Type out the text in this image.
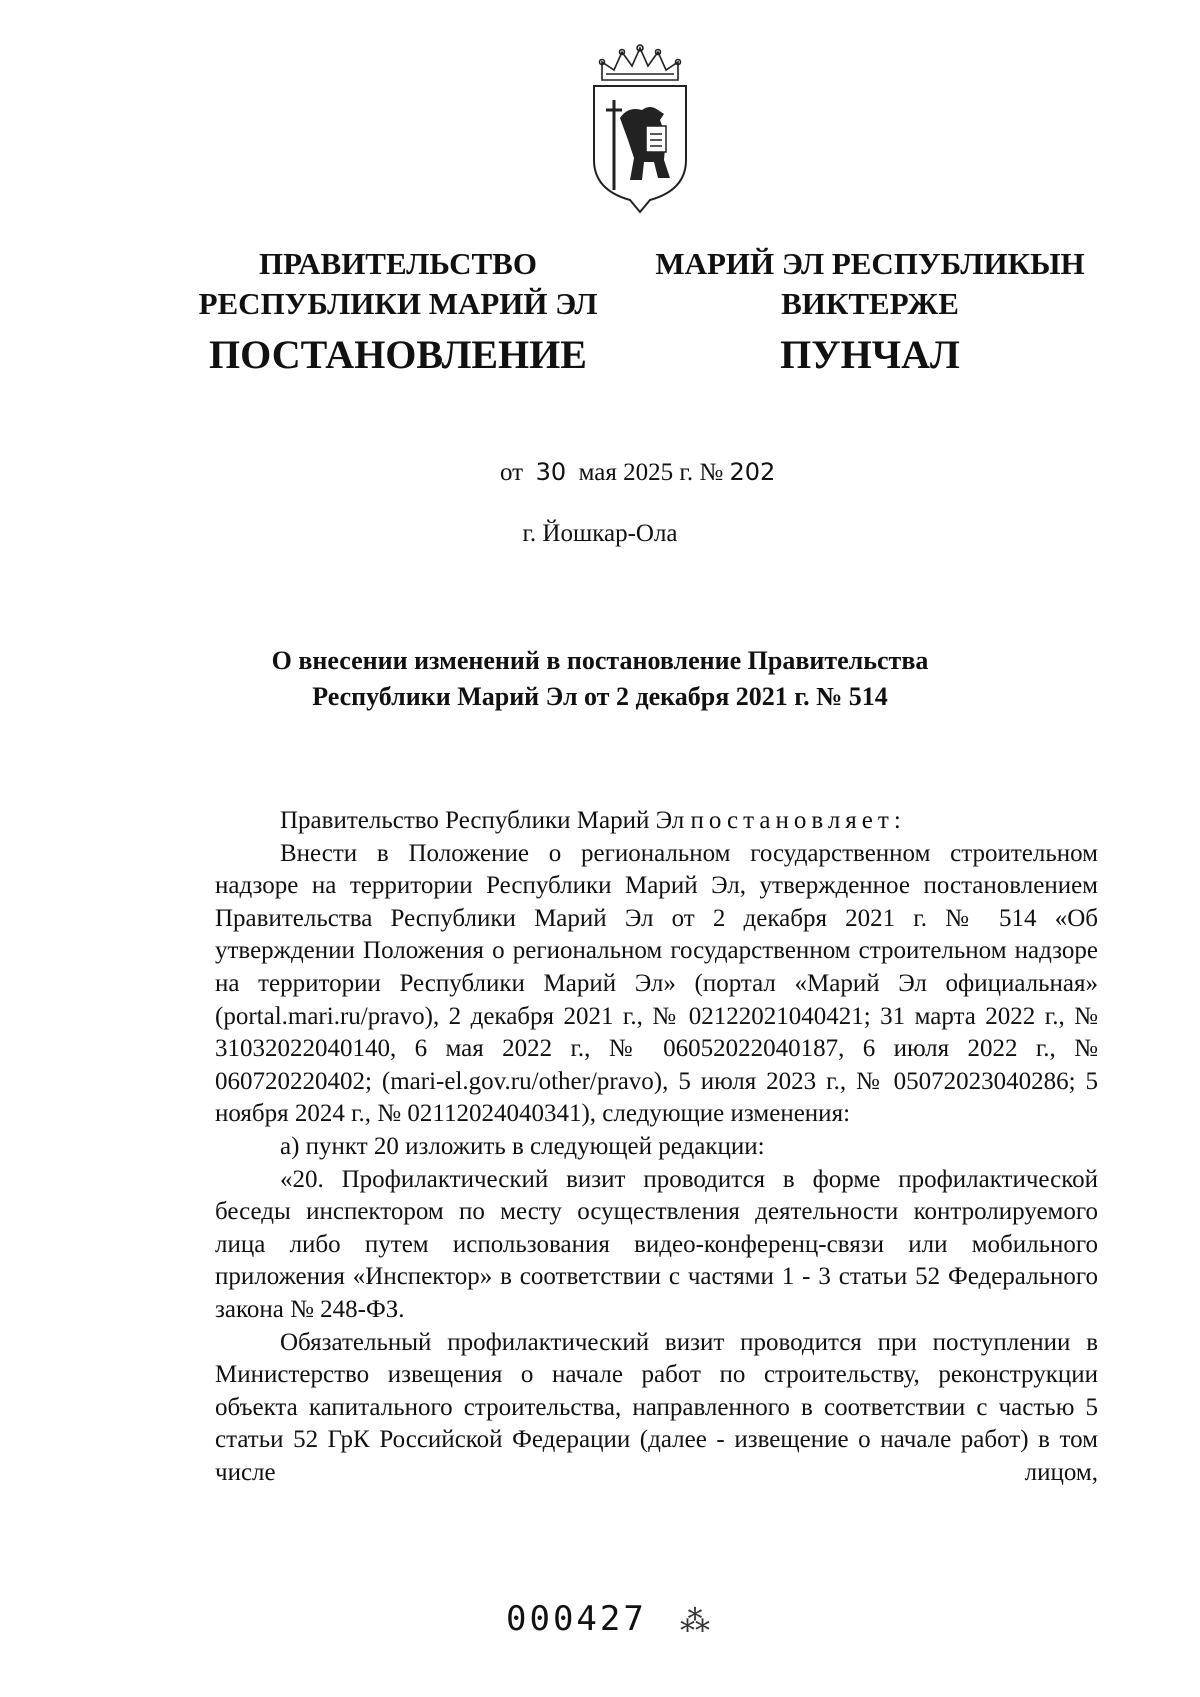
ПРАВИТЕЛЬСТВО
РЕСПУБЛИКИ МАРИЙ ЭЛ
МАРИЙ ЭЛ РЕСПУБЛИКЫН
ВИКТЕРЖЕ
ПОСТАНОВЛЕНИЕ	ПУНЧАЛ
от 30 мая 2025 г. № 202
г. Йошкар-Ола
О внесении изменений в постановление Правительства
Республики Марий Эл от 2 декабря 2021 г. № 514

Правительство Республики Марий Эл постановляет:

Внести в Положение о региональном государственном строительном надзоре на территории Республики Марий Эл, утвержденное постановлением Правительства Республики Марий Эл от 2 декабря 2021 г. № 514 «Об утверждении Положения о региональном государственном строительном надзоре на территории Республики Марий Эл» (портал «Марий Эл официальная» (portal.mari.ru/pravo), 2 декабря 2021 г., № 02122021040421; 31 марта 2022 г., № 31032022040140, 6 мая 2022 г., № 06052022040187, 6 июля 2022 г., № 060720220402; (mari-el.gov.ru/other/pravo), 5 июля 2023 г., № 05072023040286; 5 ноября 2024 г., № 02112024040341), следующие изменения:

а) пункт 20 изложить в следующей редакции:

«20. Профилактический визит проводится в форме профилактической беседы инспектором по месту осуществления деятельности контролируемого лица либо путем использования видео-конференц-связи или мобильного приложения «Инспектор» в соответствии с частями 1 - 3 статьи 52 Федерального закона № 248-ФЗ.

Обязательный профилактический визит проводится при поступлении в Министерство извещения о начале работ по строительству, реконструкции объекта капитального строительства, направленного в соответствии с частью 5 статьи 52 ГрК Российской Федерации (далее - извещение о начале работ) в том числе лицом,

000427 ⁂
